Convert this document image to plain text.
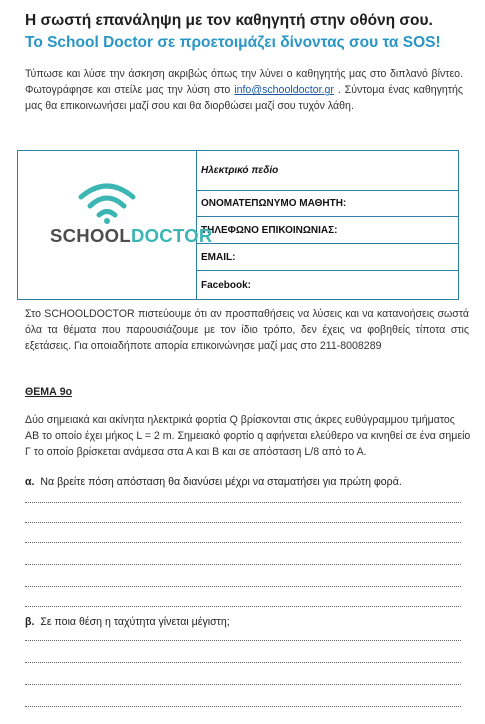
Η σωστή επανάληψη με τον καθηγητή στην οθόνη σου.
Το School Doctor σε προετοιμάζει δίνοντας σου τα SOS!
Τύπωσε και λύσε την άσκηση ακριβώς όπως την λύνει ο καθηγητής μας στο διπλανό βίντεο. Φωτογράφησε και στείλε μας την λύση στο info@schooldoctor.gr . Σύντομα ένας καθηγητής μας θα επικοινωνήσει μαζί σου και θα διορθώσει μαζί σου τυχόν λάθη.
SCHOOLDOCTOR
	Ηλεκτρικό πεδίο
ΟΝΟΜΑΤΕΠΩΝΥΜΟ ΜΑΘΗΤΗ:
ΤΗΛΕΦΩΝΟ ΕΠΙΚΟΙΝΩΝΙΑΣ:
EMAIL:
Facebook:
Στο SCHOOLDOCTOR πιστεύουμε ότι αν προσπαθήσεις να λύσεις και να κατανοήσεις σωστά όλα τα θέματα που παρουσιάζουμε με τον ίδιο τρόπο, δεν έχεις να φοβηθείς τίποτα στις εξετάσεις. Για οποιαδήποτε απορία επικοινώνησε μαζί μας στο 211-8008289
ΘΕΜΑ 9ο
Δύο σημειακά και ακίνητα ηλεκτρικά φορτία Q βρίσκονται στις άκρες ευθύγραμμου τμήματος ΑΒ το οποίο έχει μήκος L = 2 m. Σημειακό φορτίο q αφήνεται ελεύθερο να κινηθεί σε ένα σημείο Γ το οποίο βρίσκεται ανάμεσα στα Α και Β και σε απόσταση L/8 από το Α.
α. Να βρείτε πόση απόσταση θα διανύσει μέχρι να σταματήσει για πρώτη φορά.
β. Σε ποια θέση η ταχύτητα γίνεται μέγιστη;
